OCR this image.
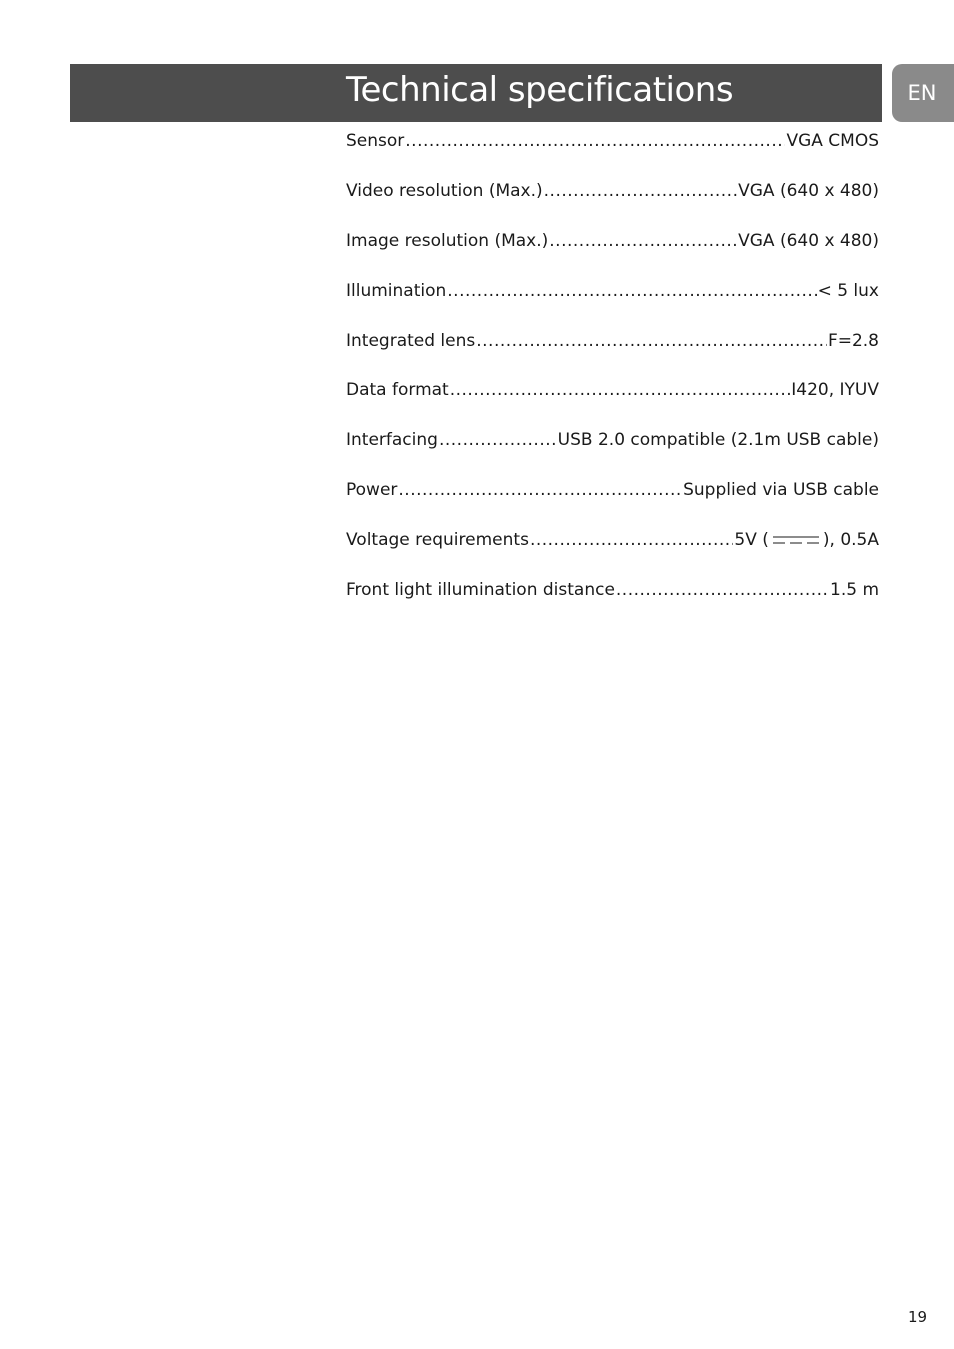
Technical specifications	EN
Sensor .....	VGA CMOS
Video resolution (Max.) .....	VGA (640 x 480)
Image resolution (Max.) .....	VGA (640 x 480)
Illumination .....	< 5 lux
Integrated lens .....	F=2.8
Data format .....	I420, IYUV
Interfacing .....	USB 2.0 compatible (2.1m USB cable)
Power .....	Supplied via USB cable
Voltage requirements .....	5V (	), 0.5A
Front light illumination distance .....	1.5 m
19
